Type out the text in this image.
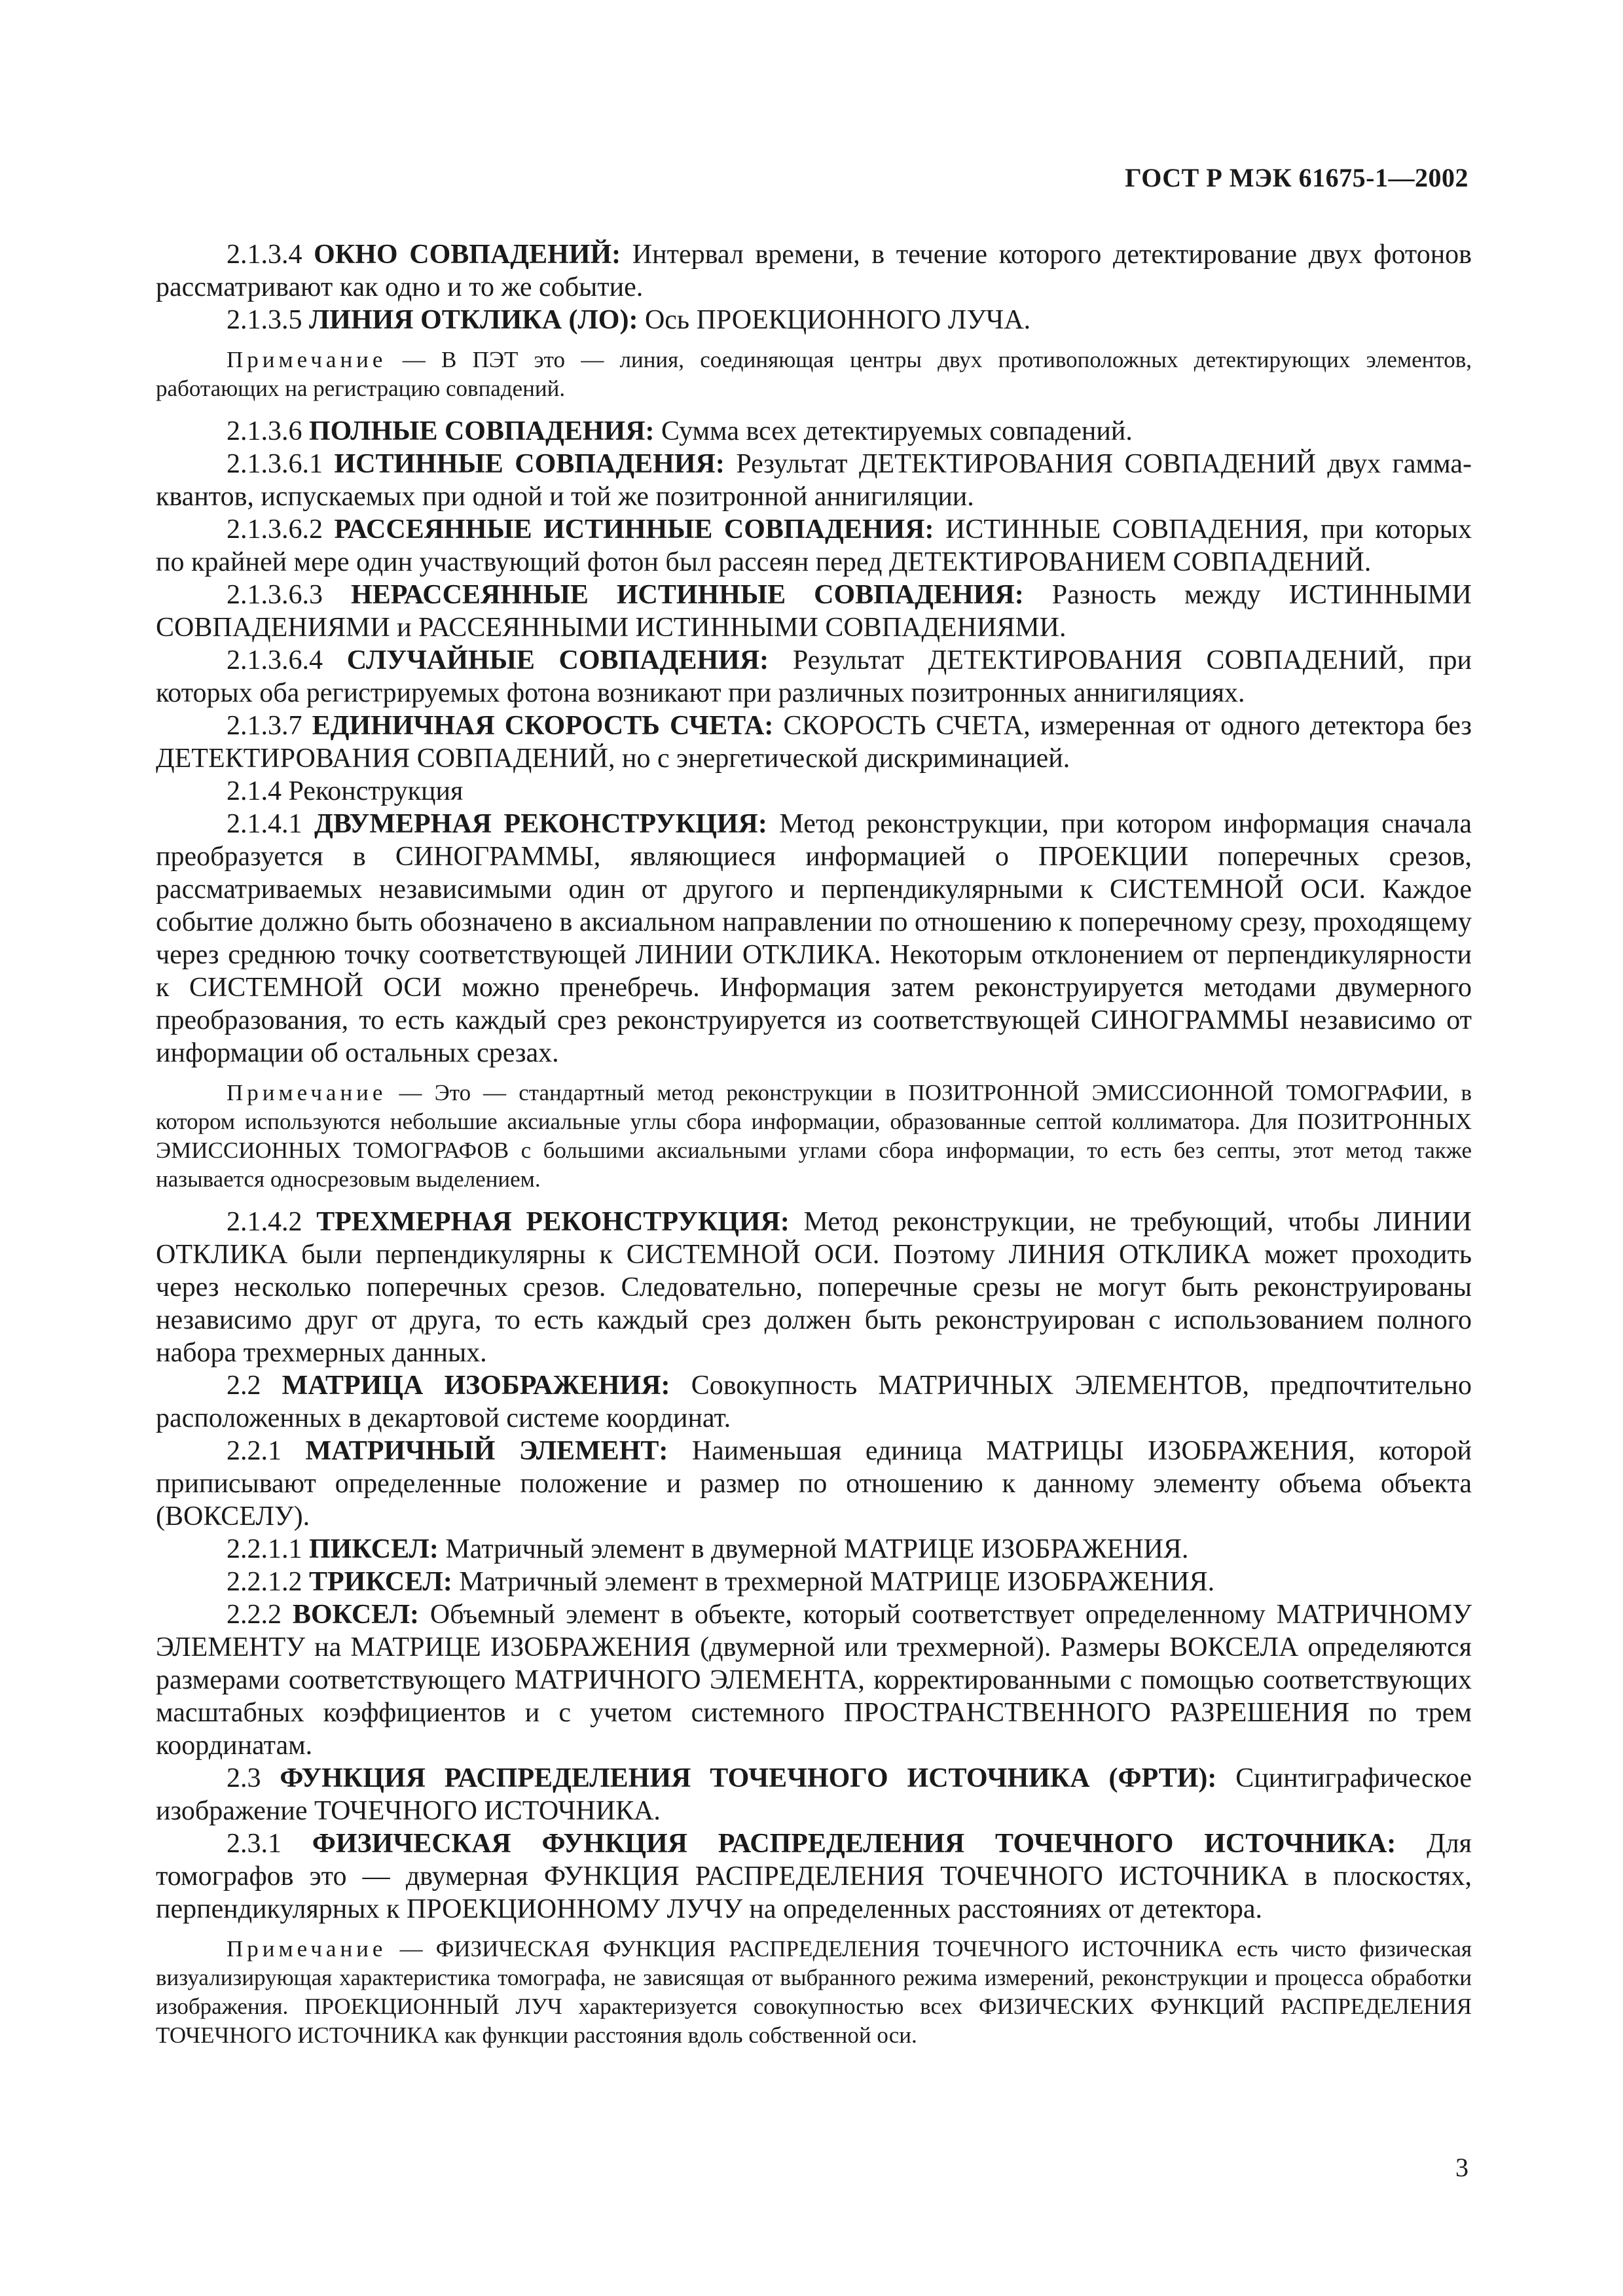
ГОСТ Р МЭК 61675-1—2002

2.1.3.4 ОКНО СОВПАДЕНИЙ: Интервал времени, в течение которого детектирование двух фотонов рассматривают как одно и то же событие.

2.1.3.5 ЛИНИЯ ОТКЛИКА (ЛО): Ось ПРОЕКЦИОННОГО ЛУЧА.

Примечание — В ПЭТ это — линия, соединяющая центры двух противоположных детектирующих элементов, работающих на регистрацию совпадений.

2.1.3.6 ПОЛНЫЕ СОВПАДЕНИЯ: Сумма всех детектируемых совпадений.

2.1.3.6.1 ИСТИННЫЕ СОВПАДЕНИЯ: Результат ДЕТЕКТИРОВАНИЯ СОВПАДЕНИЙ двух гамма-квантов, испускаемых при одной и той же позитронной аннигиляции.

2.1.3.6.2 РАССЕЯННЫЕ ИСТИННЫЕ СОВПАДЕНИЯ: ИСТИННЫЕ СОВПАДЕНИЯ, при которых по крайней мере один участвующий фотон был рассеян перед ДЕТЕКТИРОВАНИЕМ СОВПАДЕНИЙ.

2.1.3.6.3 НЕРАССЕЯННЫЕ ИСТИННЫЕ СОВПАДЕНИЯ: Разность между ИСТИННЫМИ СОВПАДЕНИЯМИ и РАССЕЯННЫМИ ИСТИННЫМИ СОВПАДЕНИЯМИ.

2.1.3.6.4 СЛУЧАЙНЫЕ СОВПАДЕНИЯ: Результат ДЕТЕКТИРОВАНИЯ СОВПАДЕНИЙ, при которых оба регистрируемых фотона возникают при различных позитронных аннигиляциях.

2.1.3.7 ЕДИНИЧНАЯ СКОРОСТЬ СЧЕТА: СКОРОСТЬ СЧЕТА, измеренная от одного детектора без ДЕТЕКТИРОВАНИЯ СОВПАДЕНИЙ, но с энергетической дискриминацией.

2.1.4 Реконструкция

2.1.4.1 ДВУМЕРНАЯ РЕКОНСТРУКЦИЯ: Метод реконструкции, при котором информация сначала преобразуется в СИНОГРАММЫ, являющиеся информацией о ПРОЕКЦИИ поперечных срезов, рассматриваемых независимыми один от другого и перпендикулярными к СИСТЕМНОЙ ОСИ. Каждое событие должно быть обозначено в аксиальном направлении по отношению к поперечному срезу, проходящему через среднюю точку соответствующей ЛИНИИ ОТКЛИКА. Некоторым отклонением от перпендикулярности к СИСТЕМНОЙ ОСИ можно пренебречь. Информация затем реконструируется методами двумерного преобразования, то есть каждый срез реконструируется из соответствующей СИНОГРАММЫ независимо от информации об остальных срезах.

Примечание — Это — стандартный метод реконструкции в ПОЗИТРОННОЙ ЭМИССИОННОЙ ТОМОГРАФИИ, в котором используются небольшие аксиальные углы сбора информации, образованные септой коллиматора. Для ПОЗИТРОННЫХ ЭМИССИОННЫХ ТОМОГРАФОВ с большими аксиальными углами сбора информации, то есть без септы, этот метод также называется односрезовым выделением.

2.1.4.2 ТРЕХМЕРНАЯ РЕКОНСТРУКЦИЯ: Метод реконструкции, не требующий, чтобы ЛИНИИ ОТКЛИКА были перпендикулярны к СИСТЕМНОЙ ОСИ. Поэтому ЛИНИЯ ОТКЛИКА может проходить через несколько поперечных срезов. Следовательно, поперечные срезы не могут быть реконструированы независимо друг от друга, то есть каждый срез должен быть реконструирован с использованием полного набора трехмерных данных.

2.2 МАТРИЦА ИЗОБРАЖЕНИЯ: Совокупность МАТРИЧНЫХ ЭЛЕМЕНТОВ, предпочтительно расположенных в декартовой системе координат.

2.2.1 МАТРИЧНЫЙ ЭЛЕМЕНТ: Наименьшая единица МАТРИЦЫ ИЗОБРАЖЕНИЯ, которой приписывают определенные положение и размер по отношению к данному элементу объема объекта (ВОКСЕЛУ).

2.2.1.1 ПИКСЕЛ: Матричный элемент в двумерной МАТРИЦЕ ИЗОБРАЖЕНИЯ.

2.2.1.2 ТРИКСЕЛ: Матричный элемент в трехмерной МАТРИЦЕ ИЗОБРАЖЕНИЯ.

2.2.2 ВОКСЕЛ: Объемный элемент в объекте, который соответствует определенному МАТРИЧНОМУ ЭЛЕМЕНТУ на МАТРИЦЕ ИЗОБРАЖЕНИЯ (двумерной или трехмерной). Размеры ВОКСЕЛА определяются размерами соответствующего МАТРИЧНОГО ЭЛЕМЕНТА, корректированными с помощью соответствующих масштабных коэффициентов и с учетом системного ПРОСТРАНСТВЕННОГО РАЗРЕШЕНИЯ по трем координатам.

2.3 ФУНКЦИЯ РАСПРЕДЕЛЕНИЯ ТОЧЕЧНОГО ИСТОЧНИКА (ФРТИ): Сцинтиграфическое изображение ТОЧЕЧНОГО ИСТОЧНИКА.

2.3.1 ФИЗИЧЕСКАЯ ФУНКЦИЯ РАСПРЕДЕЛЕНИЯ ТОЧЕЧНОГО ИСТОЧНИКА: Для томографов это — двумерная ФУНКЦИЯ РАСПРЕДЕЛЕНИЯ ТОЧЕЧНОГО ИСТОЧНИКА в плоскостях, перпендикулярных к ПРОЕКЦИОННОМУ ЛУЧУ на определенных расстояниях от детектора.

Примечание — ФИЗИЧЕСКАЯ ФУНКЦИЯ РАСПРЕДЕЛЕНИЯ ТОЧЕЧНОГО ИСТОЧНИКА есть чисто физическая визуализирующая характеристика томографа, не зависящая от выбранного режима измерений, реконструкции и процесса обработки изображения. ПРОЕКЦИОННЫЙ ЛУЧ характеризуется совокупностью всех ФИЗИЧЕСКИХ ФУНКЦИЙ РАСПРЕДЕЛЕНИЯ ТОЧЕЧНОГО ИСТОЧНИКА как функции расстояния вдоль собственной оси.

3
